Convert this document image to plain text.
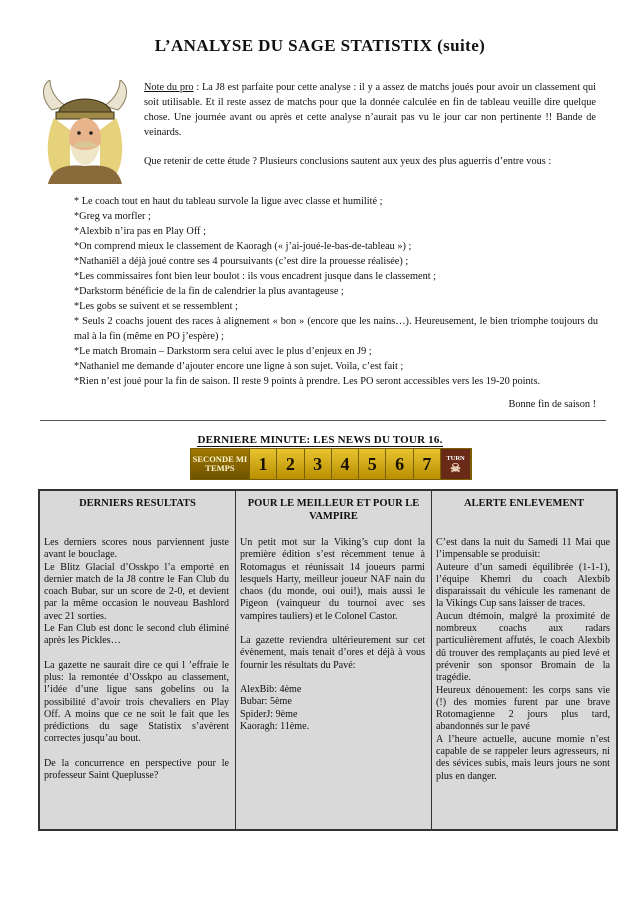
L’ANALYSE DU SAGE STATISTIX (suite)
Note du pro : La J8 est parfaite pour cette analyse : il y a assez de matchs joués pour avoir un classement qui soit utilisable. Et il reste assez de matchs pour que la donnée calculée en fin de tableau veuille dire quelque chose. Une journée avant ou après et cette analyse n’aurait pas vu le jour car non pertinente !! Bande de veinards.
Que retenir de cette étude ? Plusieurs conclusions sautent aux yeux des plus aguerris d’entre vous :
* Le coach tout en haut du tableau survole la ligue avec classe et humilité ;
*Greg va morfler ;
*Alexbib n’ira pas en Play Off ;
*On comprend mieux le classement de Kaoragh (« j’ai-joué-le-bas-de-tableau ») ;
*Nathaniël a déjà joué contre ses 4 poursuivants (c’est dire la prouesse réalisée) ;
*Les commissaires font bien leur boulot : ils vous encadrent jusque dans le classement ;
*Darkstorm bénéficie de la fin de calendrier la plus avantageuse ;
*Les gobs se suivent et se ressemblent ;
* Seuls 2 coachs jouent des races à alignement « bon » (encore que les nains…). Heureusement, le bien triomphe toujours du mal à la fin (même en PO j’espère) ;
*Le match Bromain – Darkstorm sera celui avec le plus d’enjeux en J9 ;
*Nathaniel me demande d’ajouter encore une ligne à son sujet. Voila, c’est fait ;
*Rien n’est joué pour la fin de saison. Il reste 9 points à prendre. Les PO seront accessibles vers les 19-20 points.
Bonne fin de saison !
DERNIERE MINUTE: LES NEWS DU TOUR 16.
SECONDE MI TEMPS	1	2	3	4	5	6	7	TURN
☠
DERNIERS RESULTATS

Les derniers scores nous parviennent juste avant le bouclage.

Le Blitz Glacial d’Osskpo l’a emporté en dernier match de la J8 contre le Fan Club du coach Bubar, sur un score de 2-0, et devient par la même occasion le nouveau Bashlord avec 21 sorties.

Le Fan Club est donc le second club éliminé après les Pickles…

La gazette ne saurait dire ce qui l ’effraie le plus: la remontée d’Osskpo au classement, l’idée d’une ligue sans gobelins ou la possibilité d’avoir trois chevaliers en Play Off. A moins que ce ne soit le fait que les prédictions du sage Statistix s’avèrent correctes jusqu’au bout.

De la concurrence en perspective pour le professeur Saint Queplusse?

POUR LE MEILLEUR ET POUR LE VAMPIRE

Un petit mot sur la Viking’s cup dont la première édition s’est récemment tenue à Rotomagus et réunissait 14 joueurs parmi lesquels Harty, meilleur joueur NAF nain du chaos (du monde, oui oui!), mais aussi le Pigeon (vainqueur du tournoi avec ses vampires tauliers) et le Colonel Castor.

La gazette reviendra ultérieurement sur cet évènement, mais tenait d’ores et déjà à vous fournir les résultats du Pavé:

AlexBib: 4ème

Bubar: 5ème

SpiderJ: 9ème

Kaoragh: 11ème.

ALERTE ENLEVEMENT

C’est dans la nuit du Samedi 11 Mai que l’impensable se produisit:

Auteure d’un samedi équilibrée (1-1-1), l’équipe Khemri du coach Alexbib disparaissait du véhicule les ramenant de la Vikings Cup sans laisser de traces.

Aucun dtémoin, malgré la proximité de nombreux coachs aux radars particulièrement affutés, le coach Alexbib dû trouver des remplaçants au pied levé et prévenir son sponsor Bromain de la tragédie.

Heureux dénouement: les corps sans vie (!) des momies furent par une brave Rotomagienne 2 jours plus tard, abandonnés sur le pavé

A l’heure actuelle, aucune momie n’est capable de se rappeler leurs agresseurs, ni des sévices subis, mais leurs jours ne sont plus en danger.
